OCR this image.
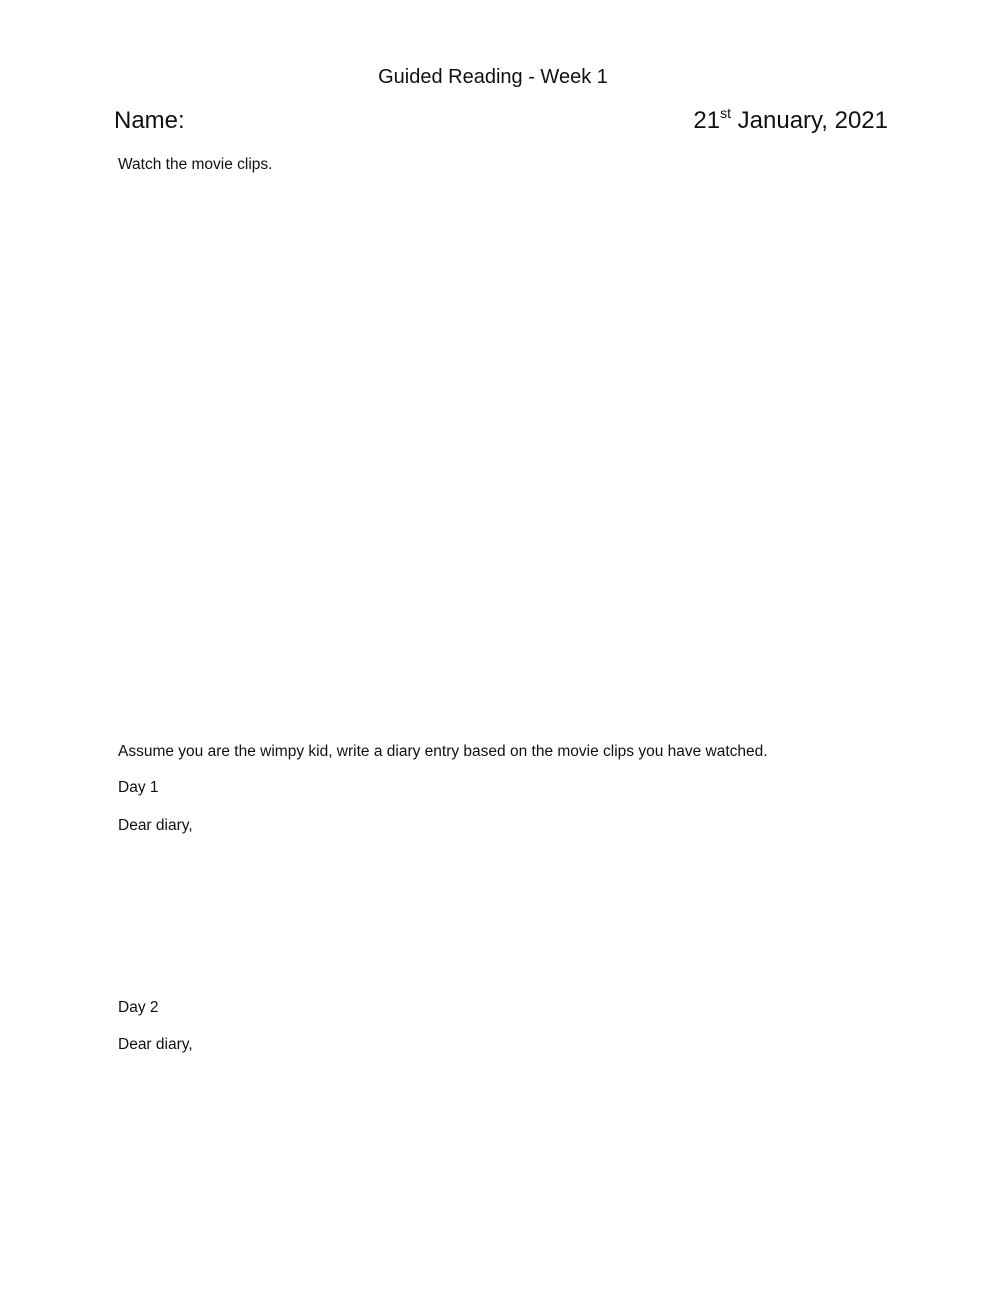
Guided Reading - Week 1
Name:	21st January, 2021
Watch the movie clips.
Assume you are the wimpy kid, write a diary entry based on the movie clips you have watched.
Day 1
Dear diary,
Day 2
Dear diary,
